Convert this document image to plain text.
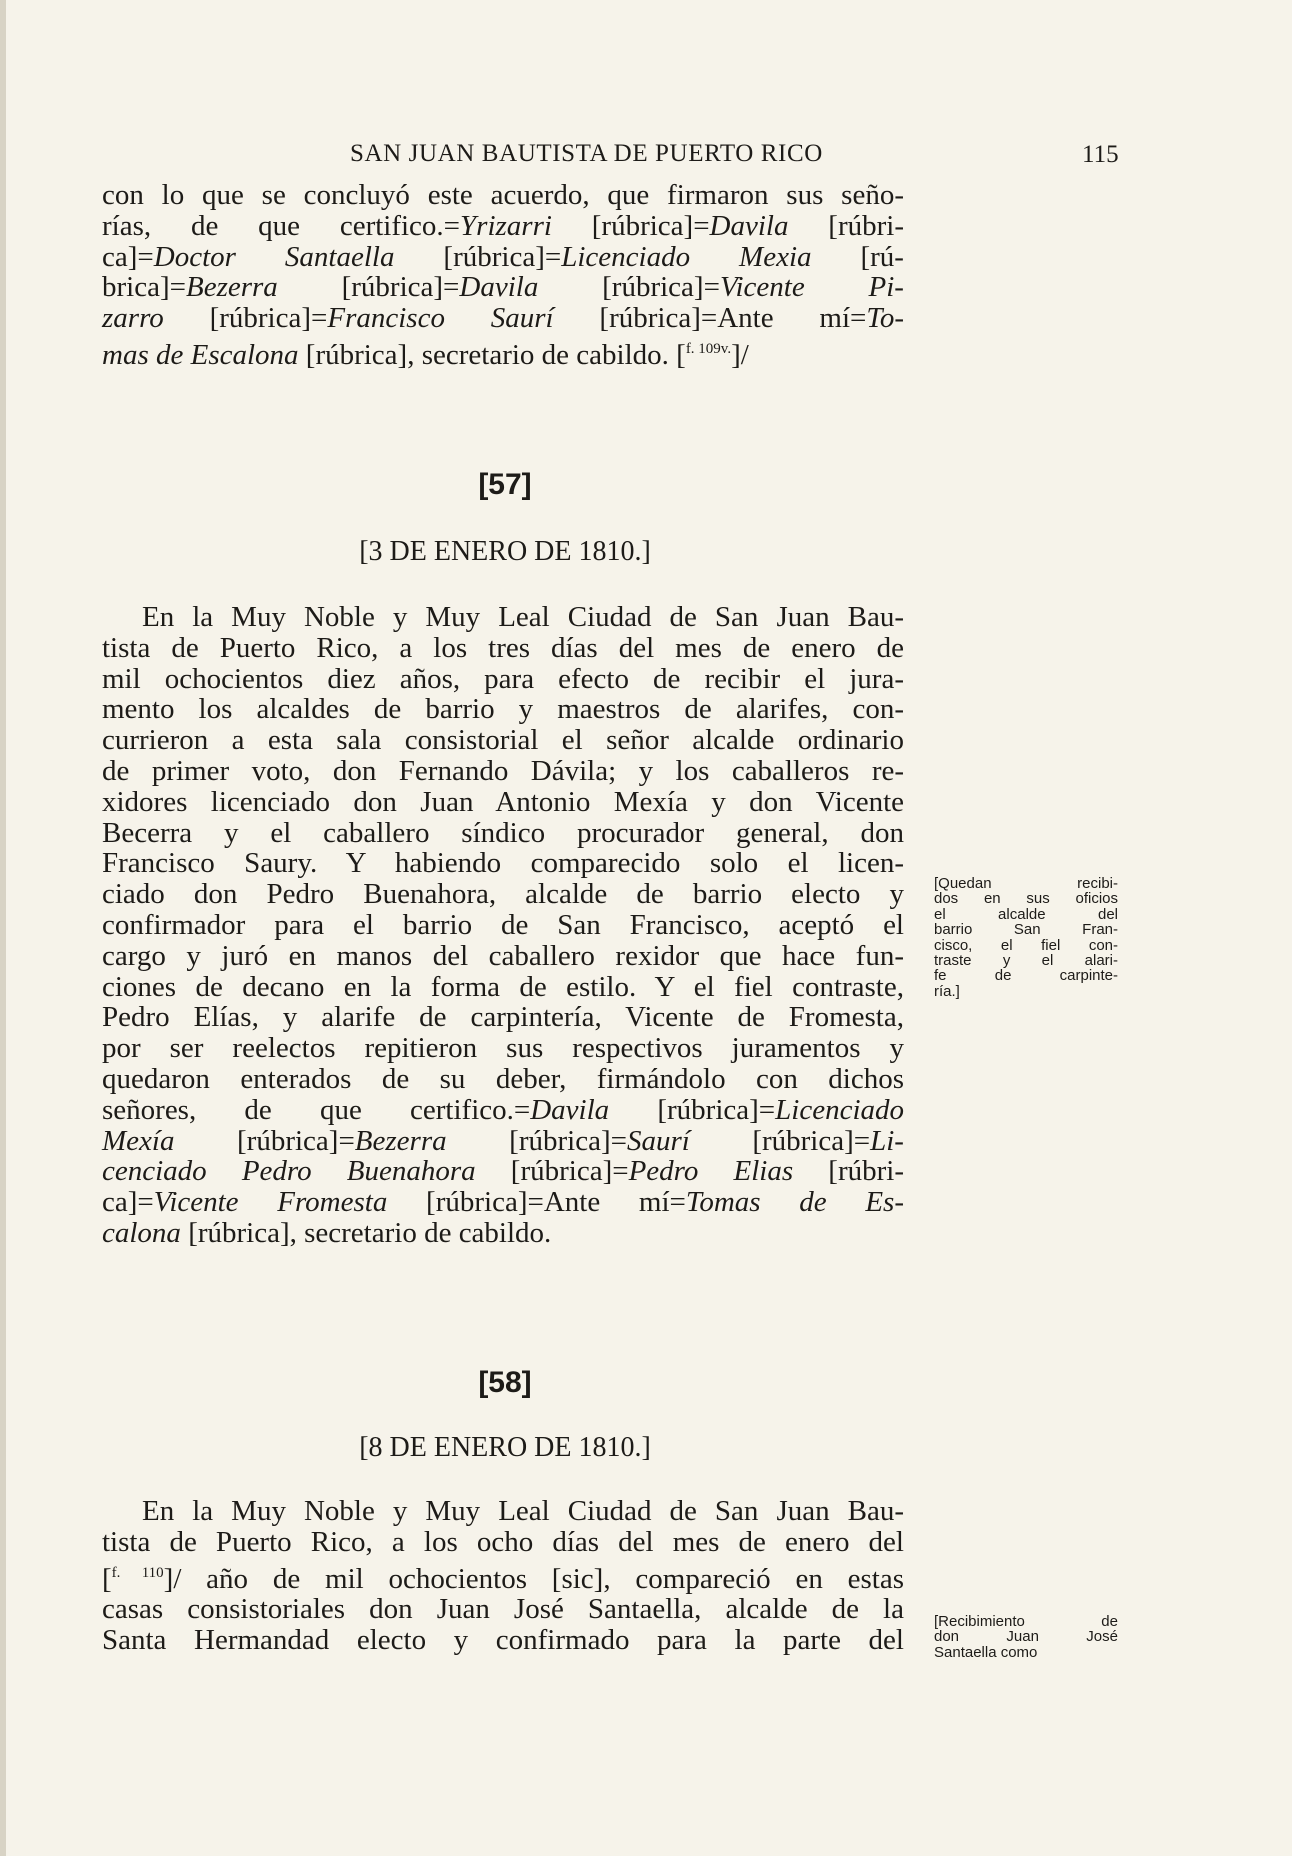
SAN JUAN BAUTISTA DE PUERTO RICO	115
con lo que se concluyó este acuerdo, que firmaron sus seño-
rías, de que certifico.=Yrizarri [rúbrica]=Davila [rúbri-
ca]=Doctor Santaella [rúbrica]=Licenciado Mexia [rú-
brica]=Bezerra [rúbrica]=Davila [rúbrica]=Vicente Pi-
zarro [rúbrica]=Francisco Saurí [rúbrica]=Ante mí=To-
mas de Escalona [rúbrica], secretario de cabildo. [$^{f. 109v.}$]/
[57]
[3 DE ENERO DE 1810.]
En la Muy Noble y Muy Leal Ciudad de San Juan Bau-
tista de Puerto Rico, a los tres días del mes de enero de
mil ochocientos diez años, para efecto de recibir el jura-
mento los alcaldes de barrio y maestros de alarifes, con-
currieron a esta sala consistorial el señor alcalde ordinario
de primer voto, don Fernando Dávila; y los caballeros re-
xidores licenciado don Juan Antonio Mexía y don Vicente
Becerra y el caballero síndico procurador general, don
Francisco Saury. Y habiendo comparecido solo el licen-
ciado don Pedro Buenahora, alcalde de barrio electo y
confirmador para el barrio de San Francisco, aceptó el
cargo y juró en manos del caballero rexidor que hace fun-
ciones de decano en la forma de estilo. Y el fiel contraste,
Pedro Elías, y alarife de carpintería, Vicente de Fromesta,
por ser reelectos repitieron sus respectivos juramentos y
quedaron enterados de su deber, firmándolo con dichos
señores, de que certifico.=Davila [rúbrica]=Licenciado
Mexía [rúbrica]=Bezerra [rúbrica]=Saurí [rúbrica]=Li-
cenciado Pedro Buenahora [rúbrica]=Pedro Elias [rúbri-
ca]=Vicente Fromesta [rúbrica]=Ante mí=Tomas de Es-
calona [rúbrica], secretario de cabildo.
[Quedan recibi-
dos en sus oficios
el alcalde del
barrio San Fran-
cisco, el fiel con-
traste y el alari-
fe de carpinte-
ría.]
[58]
[8 DE ENERO DE 1810.]
En la Muy Noble y Muy Leal Ciudad de San Juan Bau-
tista de Puerto Rico, a los ocho días del mes de enero del
[$^{f. 110}$]/ año de mil ochocientos [sic], compareció en estas
casas consistoriales don Juan José Santaella, alcalde de la
Santa Hermandad electo y confirmado para la parte del
[Recibimiento de
don Juan José
Santaella como
